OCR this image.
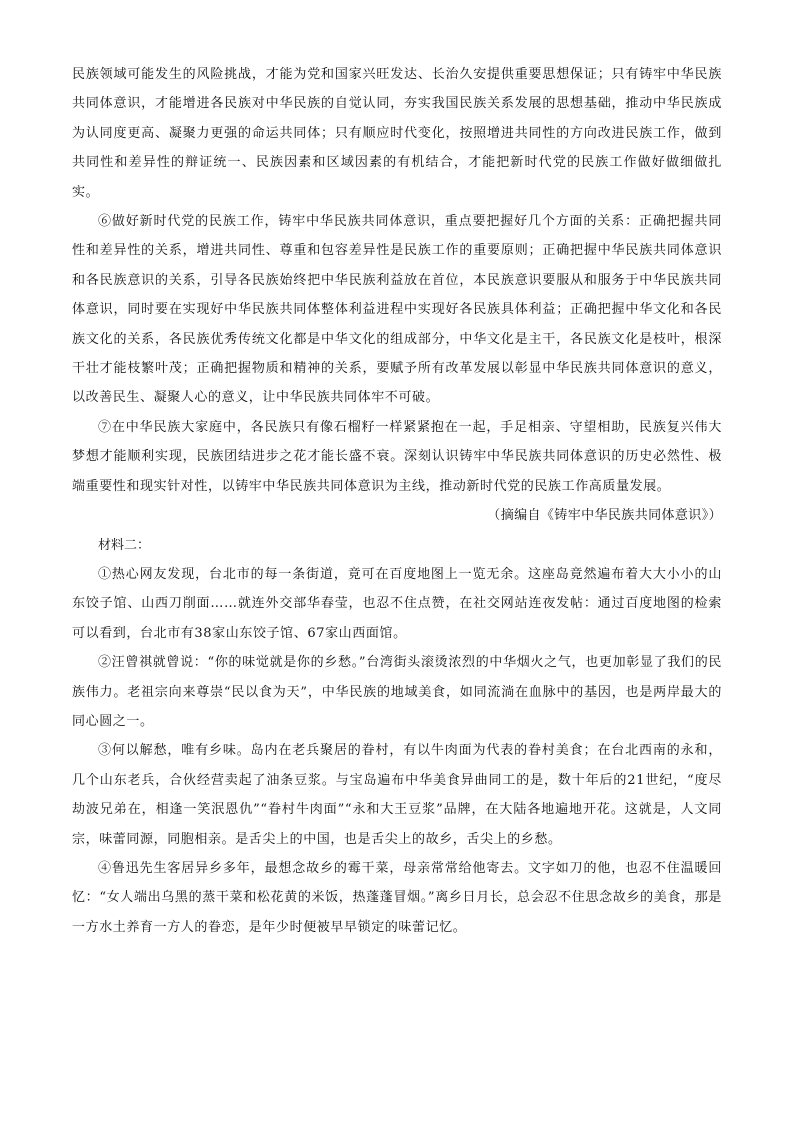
民族领域可能发生的风险挑战，才能为党和国家兴旺发达、长治久安提供重要思想保证；只有铸牢中华民族共同体意识，才能增进各民族对中华民族的自觉认同，夯实我国民族关系发展的思想基础，推动中华民族成为认同度更高、凝聚力更强的命运共同体；只有顺应时代变化，按照增进共同性的方向改进民族工作，做到共同性和差异性的辩证统一、民族因素和区域因素的有机结合，才能把新时代党的民族工作做好做细做扎实。

⑥做好新时代党的民族工作，铸牢中华民族共同体意识，重点要把握好几个方面的关系：正确把握共同性和差异性的关系，增进共同性、尊重和包容差异性是民族工作的重要原则；正确把握中华民族共同体意识和各民族意识的关系，引导各民族始终把中华民族利益放在首位，本民族意识要服从和服务于中华民族共同体意识，同时要在实现好中华民族共同体整体利益进程中实现好各民族具体利益；正确把握中华文化和各民族文化的关系，各民族优秀传统文化都是中华文化的组成部分，中华文化是主干，各民族文化是枝叶，根深干壮才能枝繁叶茂；正确把握物质和精神的关系，要赋予所有改革发展以彰显中华民族共同体意识的意义，以改善民生、凝聚人心的意义，让中华民族共同体牢不可破。

⑦在中华民族大家庭中，各民族只有像石榴籽一样紧紧抱在一起，手足相亲、守望相助，民族复兴伟大梦想才能顺利实现，民族团结进步之花才能长盛不衰。深刻认识铸牢中华民族共同体意识的历史必然性、极端重要性和现实针对性，以铸牢中华民族共同体意识为主线，推动新时代党的民族工作高质量发展。

（摘编自《铸牢中华民族共同体意识》）

材料二：

①热心网友发现，台北市的每一条街道，竟可在百度地图上一览无余。这座岛竟然遍布着大大小小的山东饺子馆、山西刀削面……就连外交部华春莹，也忍不住点赞，在社交网站连夜发帖：通过百度地图的检索可以看到，台北市有38家山东饺子馆、67家山西面馆。

②汪曾祺就曾说：“你的味觉就是你的乡愁。”台湾街头滚烫浓烈的中华烟火之气，也更加彰显了我们的民族伟力。老祖宗向来尊崇“民以食为天”，中华民族的地域美食，如同流淌在血脉中的基因，也是两岸最大的同心圆之一。

③何以解愁，唯有乡味。岛内在老兵聚居的眷村，有以牛肉面为代表的眷村美食；在台北西南的永和，几个山东老兵，合伙经营卖起了油条豆浆。与宝岛遍布中华美食异曲同工的是，数十年后的21世纪，“度尽劫波兄弟在，相逢一笑泯恩仇”“眷村牛肉面”“永和大王豆浆”品牌，在大陆各地遍地开花。这就是，人文同宗，味蕾同源，同胞相亲。是舌尖上的中国，也是舌尖上的故乡，舌尖上的乡愁。

④鲁迅先生客居异乡多年，最想念故乡的霉干菜，母亲常常给他寄去。文字如刀的他，也忍不住温暖回忆：“女人端出乌黑的蒸干菜和松花黄的米饭，热蓬蓬冒烟。”离乡日月长，总会忍不住思念故乡的美食，那是一方水土养育一方人的眷恋，是年少时便被早早锁定的味蕾记忆。
